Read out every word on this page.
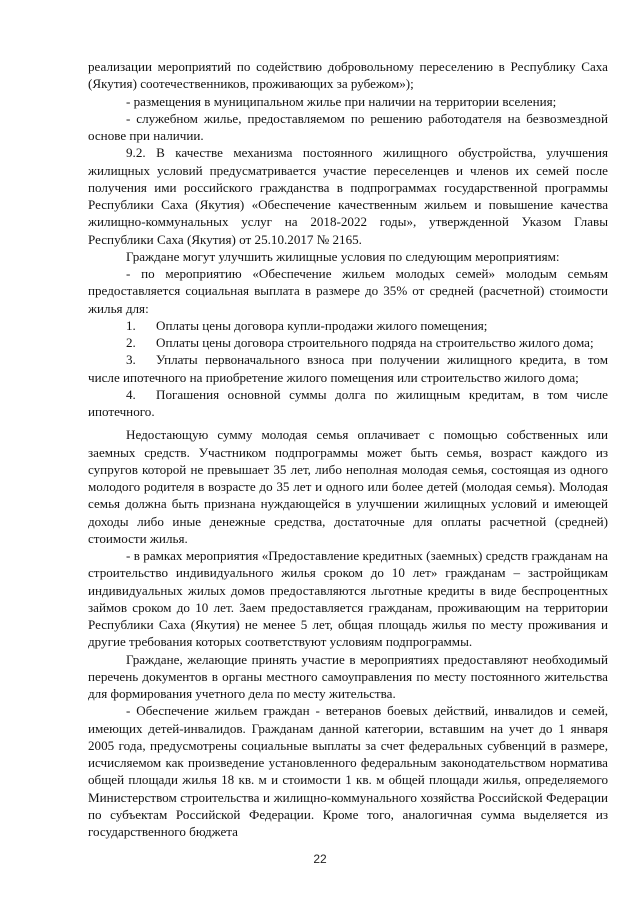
реализации мероприятий по содействию добровольному переселению в Республику Саха (Якутия) соотечественников, проживающих за рубежом»);

- размещения в муниципальном жилье при наличии на территории вселения;

- служебном жилье, предоставляемом по решению работодателя на безвозмездной основе при наличии.

9.2. В качестве механизма постоянного жилищного обустройства, улучшения жилищных условий предусматривается участие переселенцев и членов их семей после получения ими российского гражданства в подпрограммах государственной программы Республики Саха (Якутия) «Обеспечение качественным жильем и повышение качества жилищно-коммунальных услуг на 2018-2022 годы», утвержденной Указом Главы Республики Саха (Якутия) от 25.10.2017 № 2165.

Граждане могут улучшить жилищные условия по следующим мероприятиям:

- по мероприятию «Обеспечение жильем молодых семей» молодым семьям предоставляется социальная выплата в размере до 35% от средней (расчетной) стоимости жилья для:

1. Оплаты цены договора купли-продажи жилого помещения;

2. Оплаты цены договора строительного подряда на строительство жилого дома;

3. Уплаты первоначального взноса при получении жилищного кредита, в том числе ипотечного на приобретение жилого помещения или строительство жилого дома;

4. Погашения основной суммы долга по жилищным кредитам, в том числе ипотечного.

Недостающую сумму молодая семья оплачивает с помощью собственных или заемных средств. Участником подпрограммы может быть семья, возраст каждого из супругов которой не превышает 35 лет, либо неполная молодая семья, состоящая из одного молодого родителя в возрасте до 35 лет и одного или более детей (молодая семья). Молодая семья должна быть признана нуждающейся в улучшении жилищных условий и имеющей доходы либо иные денежные средства, достаточные для оплаты расчетной (средней) стоимости жилья.

- в рамках мероприятия «Предоставление кредитных (заемных) средств гражданам на строительство индивидуального жилья сроком до 10 лет» гражданам – застройщикам индивидуальных жилых домов предоставляются льготные кредиты в виде беспроцентных займов сроком до 10 лет. Заем предоставляется гражданам, проживающим на территории Республики Саха (Якутия) не менее 5 лет, общая площадь жилья по месту проживания и другие требования которых соответствуют условиям подпрограммы.

Граждане, желающие принять участие в мероприятиях предоставляют необходимый перечень документов в органы местного самоуправления по месту постоянного жительства для формирования учетного дела по месту жительства.

- Обеспечение жильем граждан - ветеранов боевых действий, инвалидов и семей, имеющих детей-инвалидов. Гражданам данной категории, вставшим на учет до 1 января 2005 года, предусмотрены социальные выплаты за счет федеральных субвенций в размере, исчисляемом как произведение установленного федеральным законодательством норматива общей площади жилья 18 кв. м и стоимости 1 кв. м общей площади жилья, определяемого Министерством строительства и жилищно-коммунального хозяйства Российской Федерации по субъектам Российской Федерации. Кроме того, аналогичная сумма выделяется из государственного бюджета

22
